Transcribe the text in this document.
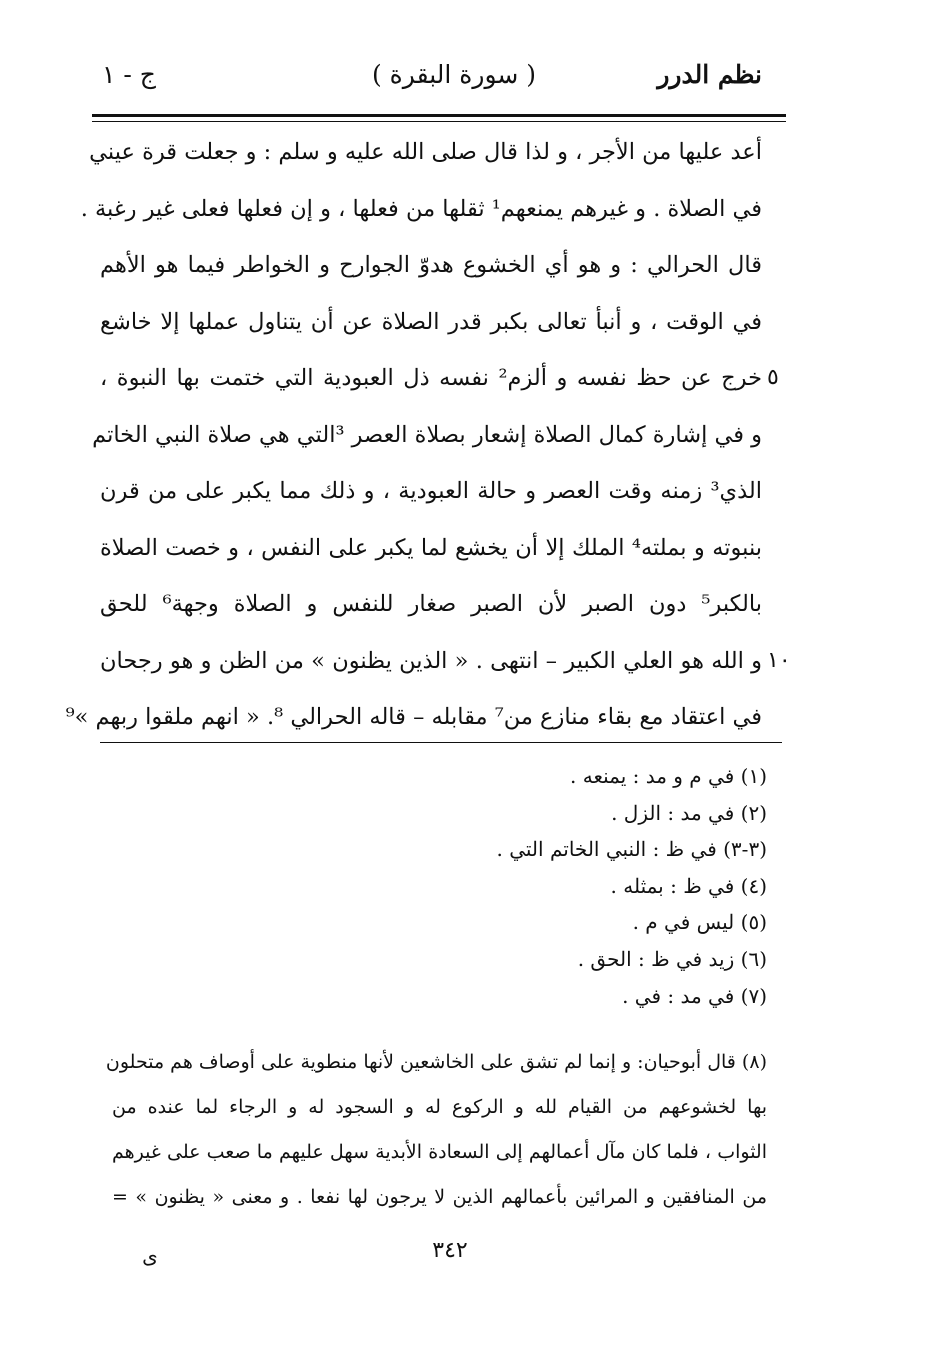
نظم الدرر
( سورة البقرة )
ج - ١
أعد عليها من الأجر ، و لذا قال صلى الله عليه و سلم : و جعلت قرة عيني
في الصلاة . و غيرهم يمنعهم¹ ثقلها من فعلها ، و إن فعلها فعلى غير رغبة .
قال الحرالي : و هو أي الخشوع هدوّ الجوارح و الخواطر فيما هو الأهم
في الوقت ، و أنبأ تعالى بكبر قدر الصلاة عن أن يتناول عملها إلا خاشع
٥
خرج عن حظ نفسه و ألزم² نفسه ذل العبودية التي ختمت بها النبوة ،
و في إشارة كمال الصلاة إشعار بصلاة العصر ³التي هي صلاة النبي الخاتم
الذي³ زمنه وقت العصر و حالة العبودية ، و ذلك مما يكبر على من قرن
بنبوته و بملته⁴ الملك إلا أن يخشع لما يكبر على النفس ، و خصت الصلاة
بالكبر⁵ دون الصبر لأن الصبر صغار للنفس و الصلاة وجهة⁶ للحق
١٠
و الله هو العلي الكبير – انتهى . « الذين يظنون » من الظن و هو رجحان
في اعتقاد مع بقاء منازع من⁷ مقابله – قاله الحرالي ⁸. « انهم ملقوا ربهم »⁹
(١) في م و مد : يمنعه .
(٢) في مد : الزل .
(٣-٣) في ظ : النبي الخاتم التي .
(٤) في ظ : بمثله .
(٥) ليس في م .
(٦) زيد في ظ : الحق .
(٧) في مد : في .
(٨) قال أبوحيان: و إنما لم تشق على الخاشعين لأنها منطوية على أوصاف هم متحلون
بها لخشوعهم من القيام لله و الركوع له و السجود له و الرجاء لما عنده من
الثواب ، فلما كان مآل أعمالهم إلى السعادة الأبدية سهل عليهم ما صعب على غيرهم
من المنافقين و المرائين بأعمالهم الذين لا يرجون لها نفعا . و معنى « يظنون » =
٣٤٢
ى
